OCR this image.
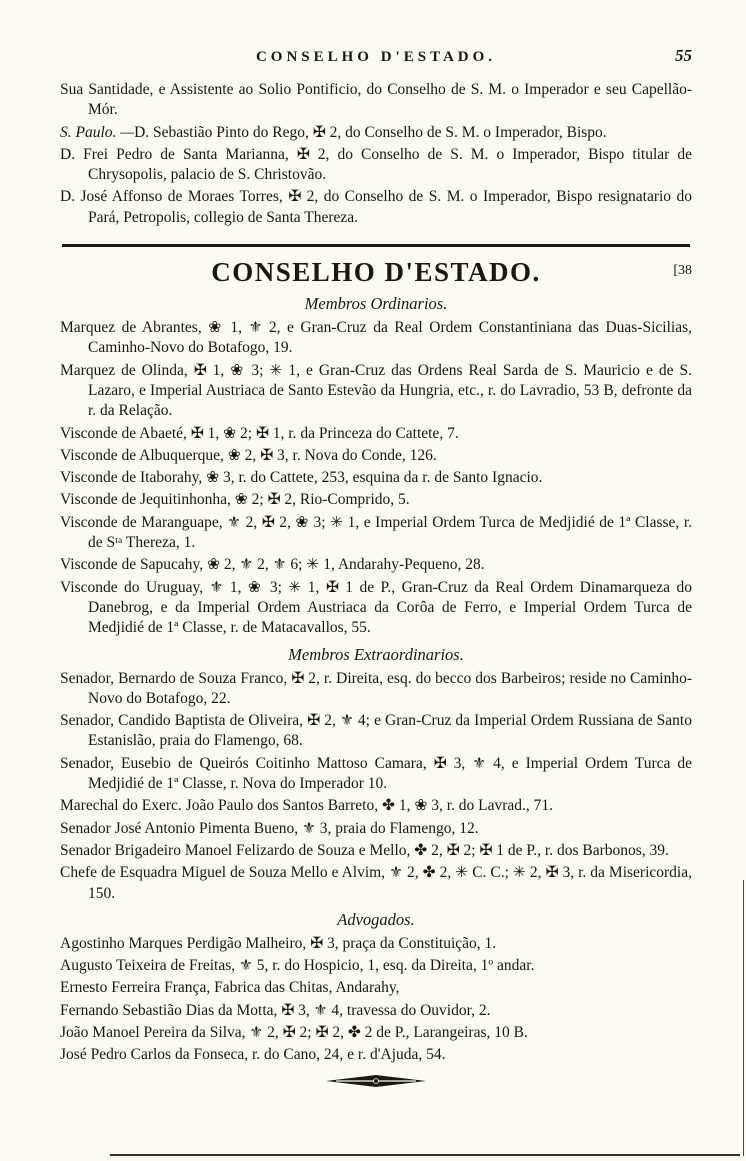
CONSELHO D'ESTADO.	55

Sua Santidade, e Assistente ao Solio Pontificio, do Conselho de S. M. o Imperador e seu Capellão-Mór.

S. Paulo. —D. Sebastião Pinto do Rego, ✠ 2, do Conselho de S. M. o Imperador, Bispo.

D. Frei Pedro de Santa Marianna, ✠ 2, do Conselho de S. M. o Imperador, Bispo titular de Chrysopolis, palacio de S. Christovão.

D. José Affonso de Moraes Torres, ✠ 2, do Conselho de S. M. o Imperador, Bispo resignatario do Pará, Petropolis, collegio de Santa Thereza.

CONSELHO D'ESTADO.	[38
Membros Ordinarios.

Marquez de Abrantes, ❀ 1, ⚜ 2, e Gran-Cruz da Real Ordem Constantiniana das Duas-Sicilias, Caminho-Novo do Botafogo, 19.

Marquez de Olinda, ✠ 1, ❀ 3; ✳ 1, e Gran-Cruz das Ordens Real Sarda de S. Mauricio e de S. Lazaro, e Imperial Austriaca de Santo Estevão da Hungria, etc., r. do Lavradio, 53 B, defronte da r. da Relação.

Visconde de Abaeté, ✠ 1, ❀ 2; ✠ 1, r. da Princeza do Cattete, 7.

Visconde de Albuquerque, ❀ 2, ✠ 3, r. Nova do Conde, 126.

Visconde de Itaborahy, ❀ 3, r. do Cattete, 253, esquina da r. de Santo Ignacio.

Visconde de Jequitinhonha, ❀ 2; ✠ 2, Rio-Comprido, 5.

Visconde de Maranguape, ⚜ 2, ✠ 2, ❀ 3; ✳ 1, e Imperial Ordem Turca de Medjidié de 1ª Classe, r. de Sᵗᵃ Thereza, 1.

Visconde de Sapucahy, ❀ 2, ⚜ 2, ⚜ 6; ✳ 1, Andarahy-Pequeno, 28.

Visconde do Uruguay, ⚜ 1, ❀ 3; ✳ 1, ✠ 1 de P., Gran-Cruz da Real Ordem Dinamarqueza do Danebrog, e da Imperial Ordem Austriaca da Corôa de Ferro, e Imperial Ordem Turca de Medjidié de 1ª Classe, r. de Matacavallos, 55.

Membros Extraordinarios.

Senador, Bernardo de Souza Franco, ✠ 2, r. Direita, esq. do becco dos Barbeiros; reside no Caminho-Novo do Botafogo, 22.

Senador, Candido Baptista de Oliveira, ✠ 2, ⚜ 4; e Gran-Cruz da Imperial Ordem Russiana de Santo Estanislão, praia do Flamengo, 68.

Senador, Eusebio de Queirós Coitinho Mattoso Camara, ✠ 3, ⚜ 4, e Imperial Ordem Turca de Medjidié de 1ª Classe, r. Nova do Imperador 10.

Marechal do Exerc. João Paulo dos Santos Barreto, ✤ 1, ❀ 3, r. do Lavrad., 71.

Senador José Antonio Pimenta Bueno, ⚜ 3, praia do Flamengo, 12.

Senador Brigadeiro Manoel Felizardo de Souza e Mello, ✤ 2, ✠ 2; ✠ 1 de P., r. dos Barbonos, 39.

Chefe de Esquadra Miguel de Souza Mello e Alvim, ⚜ 2, ✤ 2, ✳ C. C.; ✳ 2, ✠ 3, r. da Misericordia, 150.

Advogados.

Agostinho Marques Perdigão Malheiro, ✠ 3, praça da Constituição, 1.

Augusto Teixeira de Freitas, ⚜ 5, r. do Hospicio, 1, esq. da Direita, 1º andar.

Ernesto Ferreira França, Fabrica das Chitas, Andarahy,

Fernando Sebastião Dias da Motta, ✠ 3, ⚜ 4, travessa do Ouvidor, 2.

João Manoel Pereira da Silva, ⚜ 2, ✠ 2; ✠ 2, ✤ 2 de P., Larangeiras, 10 B.

José Pedro Carlos da Fonseca, r. do Cano, 24, e r. d'Ajuda, 54.
